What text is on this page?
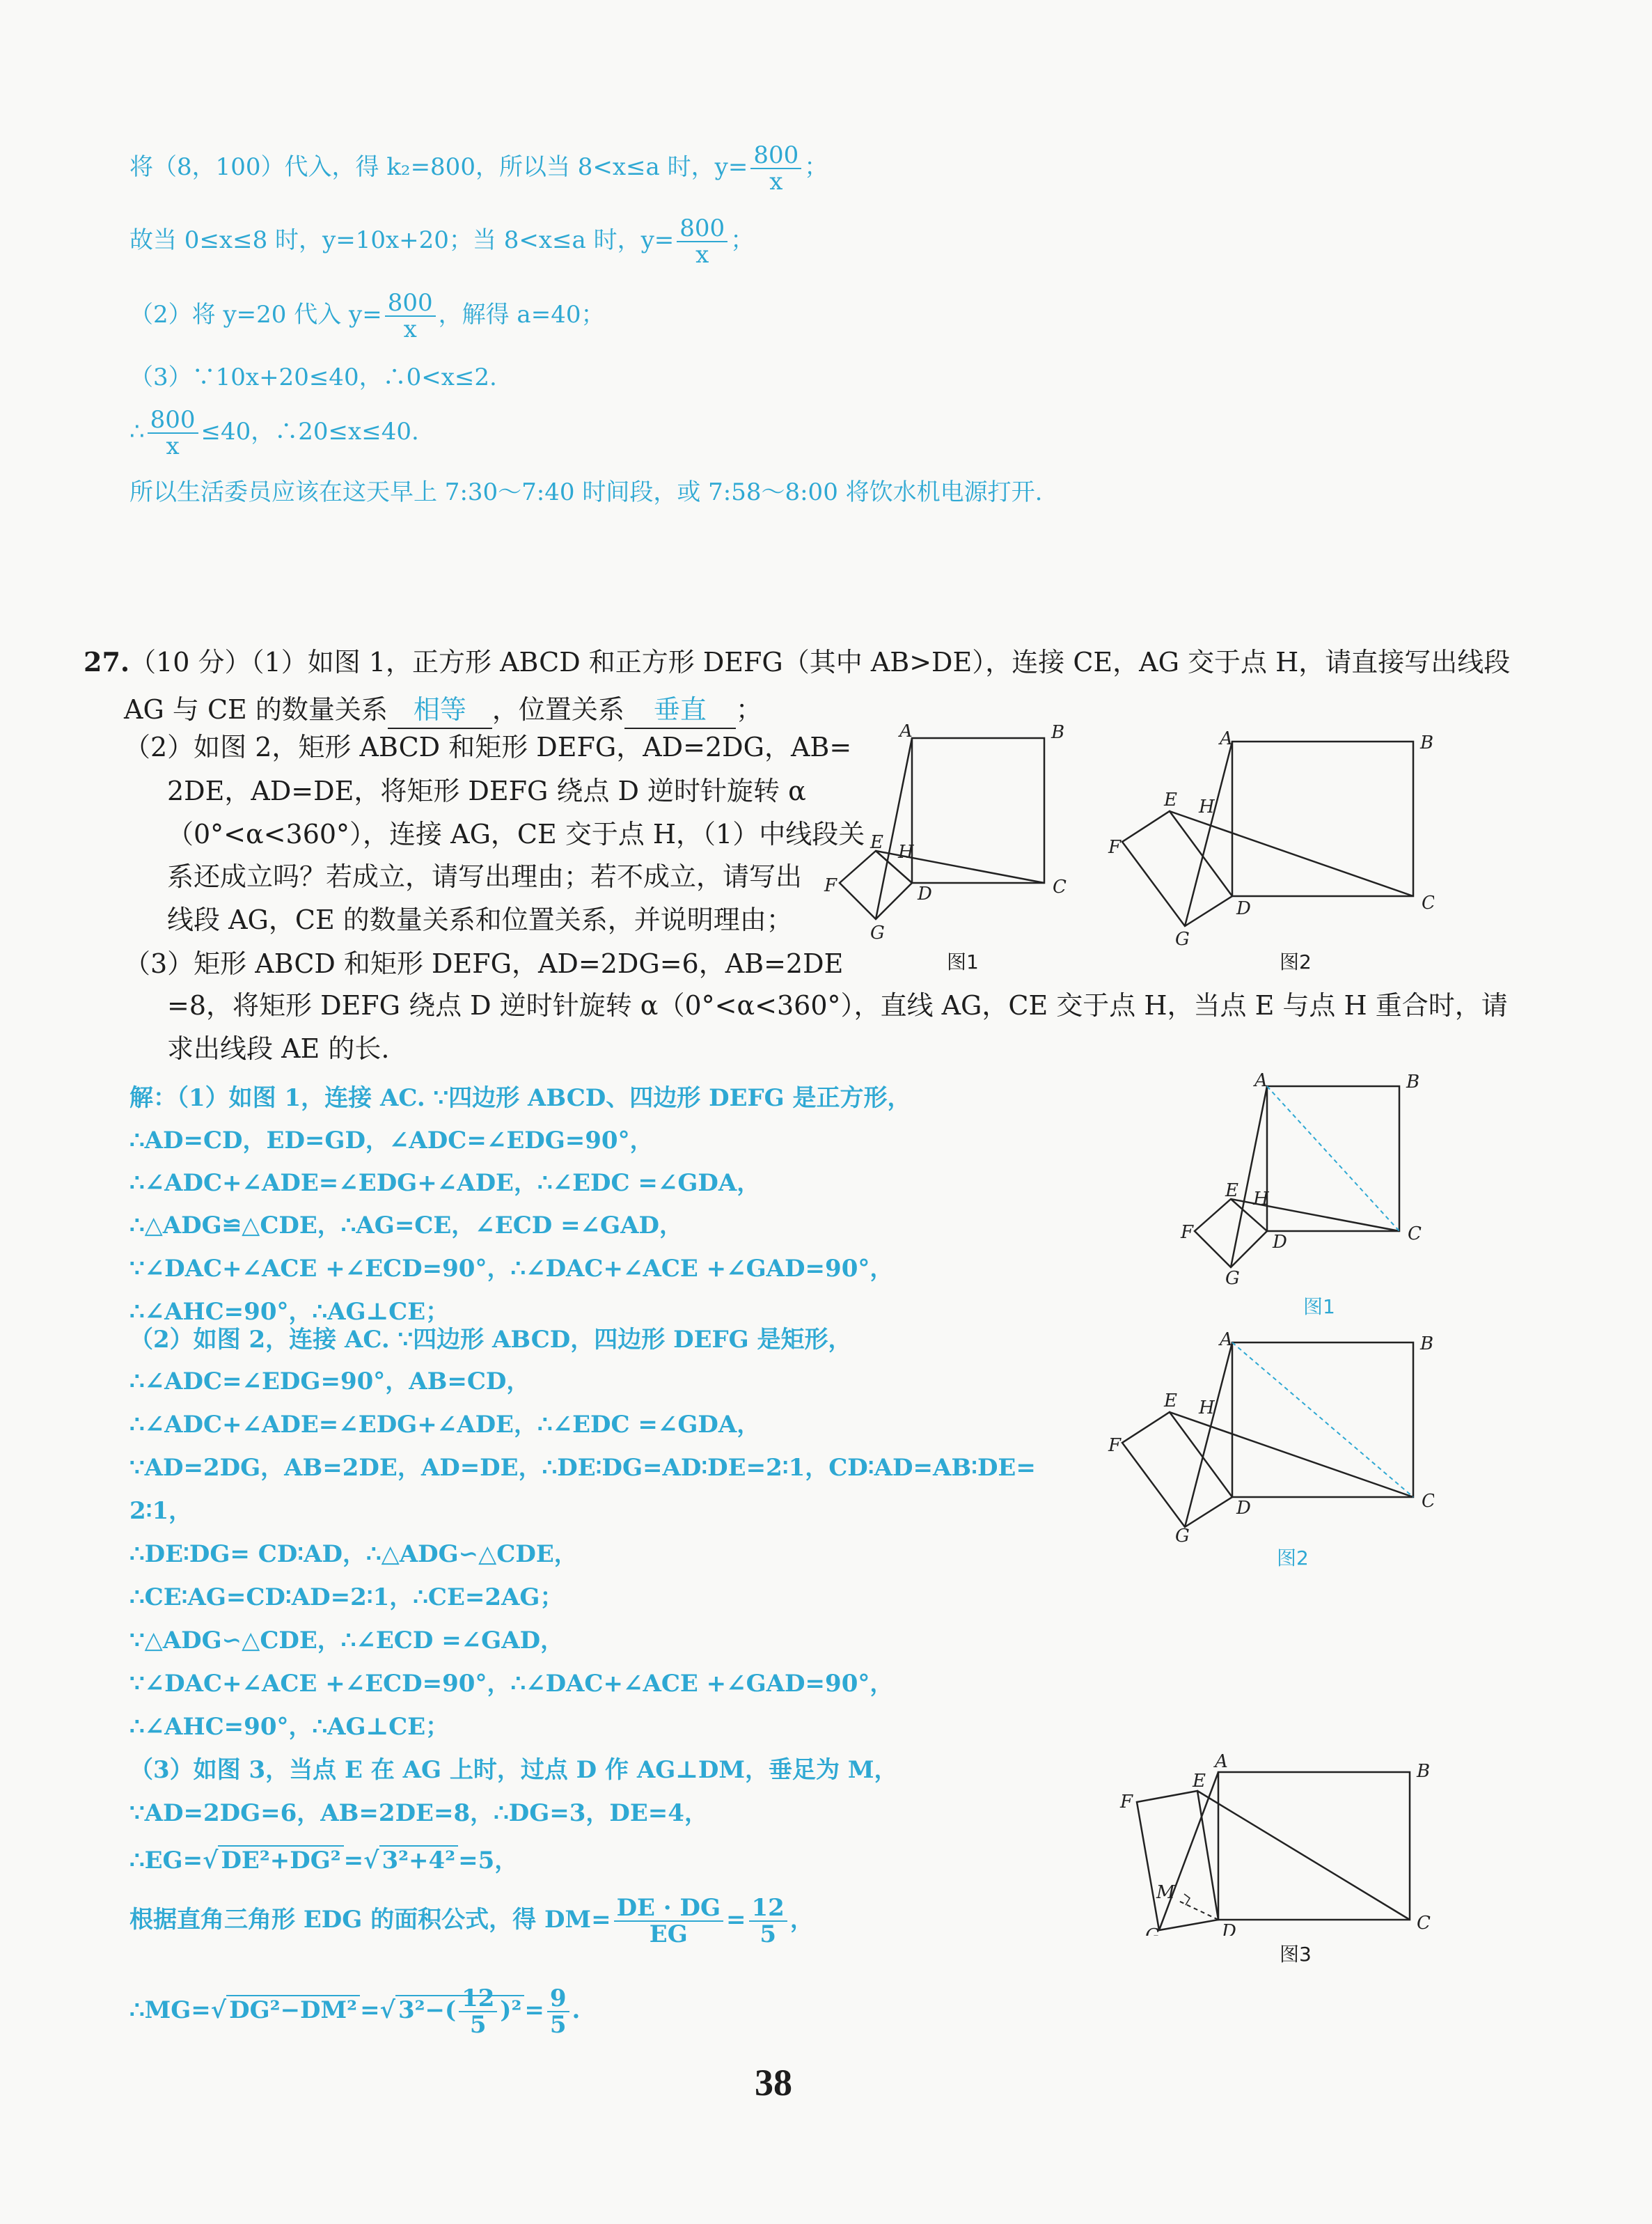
将（8，100）代入，得 k₂=800，所以当 8<x≤a 时，$y= \frac{800}{x}$ ；
故当 0≤x≤8 时，y=10x+20；当 8<x≤a 时，$y= \frac{800}{x}$ ；
（2）将 y=20 代入 $y= \frac{800}{x}$ ，解得 a=40；
（3）∵10x+20≤40，∴0<x≤2.
∴ $\frac{800}{x} \le 40$，∴20≤x≤40.
所以生活委员应该在这天早上 7:30～7:40 时间段，或 7:58～8:00 将饮水机电源打开.
27.（10 分）（1）如图 1，正方形 ABCD 和正方形 DEFG（其中 AB>DE），连接 CE，AG 交于点 H，请直接写出线段
AG 与 CE 的数量关系 相等 ，位置关系 垂直 ；
（2）如图 2，矩形 ABCD 和矩形 DEFG，AD=2DG，AB=
2DE，AD=DE，将矩形 DEFG 绕点 D 逆时针旋转 α
（0°<α<360°），连接 AG，CE 交于点 H，（1）中线段关
系还成立吗？若成立，请写出理由；若不成立，请写出
线段 AG，CE 的数量关系和位置关系，并说明理由；
（3）矩形 ABCD 和矩形 DEFG，AD=2DG=6，AB=2DE
=8，将矩形 DEFG 绕点 D 逆时针旋转 α（0°<α<360°），直线 AG，CE 交于点 H，当点 E 与点 H 重合时，请
求出线段 AE 的长.
A	B
C
D
E
F
G
H
图1
A	B
C
D
E
F
G
H
图2
解：（1）如图 1，连接 AC. ∵四边形 ABCD、四边形 DEFG 是正方形，
∴AD=CD，ED=GD，∠ADC=∠EDG=90°，
∴∠ADC+∠ADE=∠EDG+∠ADE，∴∠EDC =∠GDA，
∴△ADG≌△CDE，∴AG=CE，∠ECD =∠GAD，
∵∠DAC+∠ACE +∠ECD=90°，∴∠DAC+∠ACE +∠GAD=90°，
∴∠AHC=90°，∴AG⊥CE；
（2）如图 2，连接 AC. ∵四边形 ABCD，四边形 DEFG 是矩形，
∴∠ADC=∠EDG=90°，AB=CD，
∴∠ADC+∠ADE=∠EDG+∠ADE，∴∠EDC =∠GDA，
∵AD=2DG，AB=2DE，AD=DE，∴DE∶DG=AD∶DE=2∶1，CD∶AD=AB∶DE=
2∶1，
∴DE∶DG= CD∶AD，∴△ADG∽△CDE，
∴CE∶AG=CD∶AD=2∶1，∴CE=2AG；
∵△ADG∽△CDE，∴∠ECD =∠GAD，
∵∠DAC+∠ACE +∠ECD=90°，∴∠DAC+∠ACE +∠GAD=90°，
∴∠AHC=90°，∴AG⊥CE；
（3）如图 3，当点 E 在 AG 上时，过点 D 作 AG⊥DM，垂足为 M，
∵AD=2DG=6，AB=2DE=8，∴DG=3，DE=4，
∴EG=√ DE²+DG² =√ 3²+4² =5，
根据直角三角形 EDG 的面积公式，得 $DM= \frac{DE \cdot DG}{EG} = \frac{12}{5}$ ，
∴MG=√ DG²−DM² =√ $3^2-( \frac{12}{5} )^2 = \frac{9}{5}$ .
A	B
C
D
E
F
G
H
图1
A	B
C
D
E
F
G
H
图2
A	B
C
D
E
F
G
M
图3
38
